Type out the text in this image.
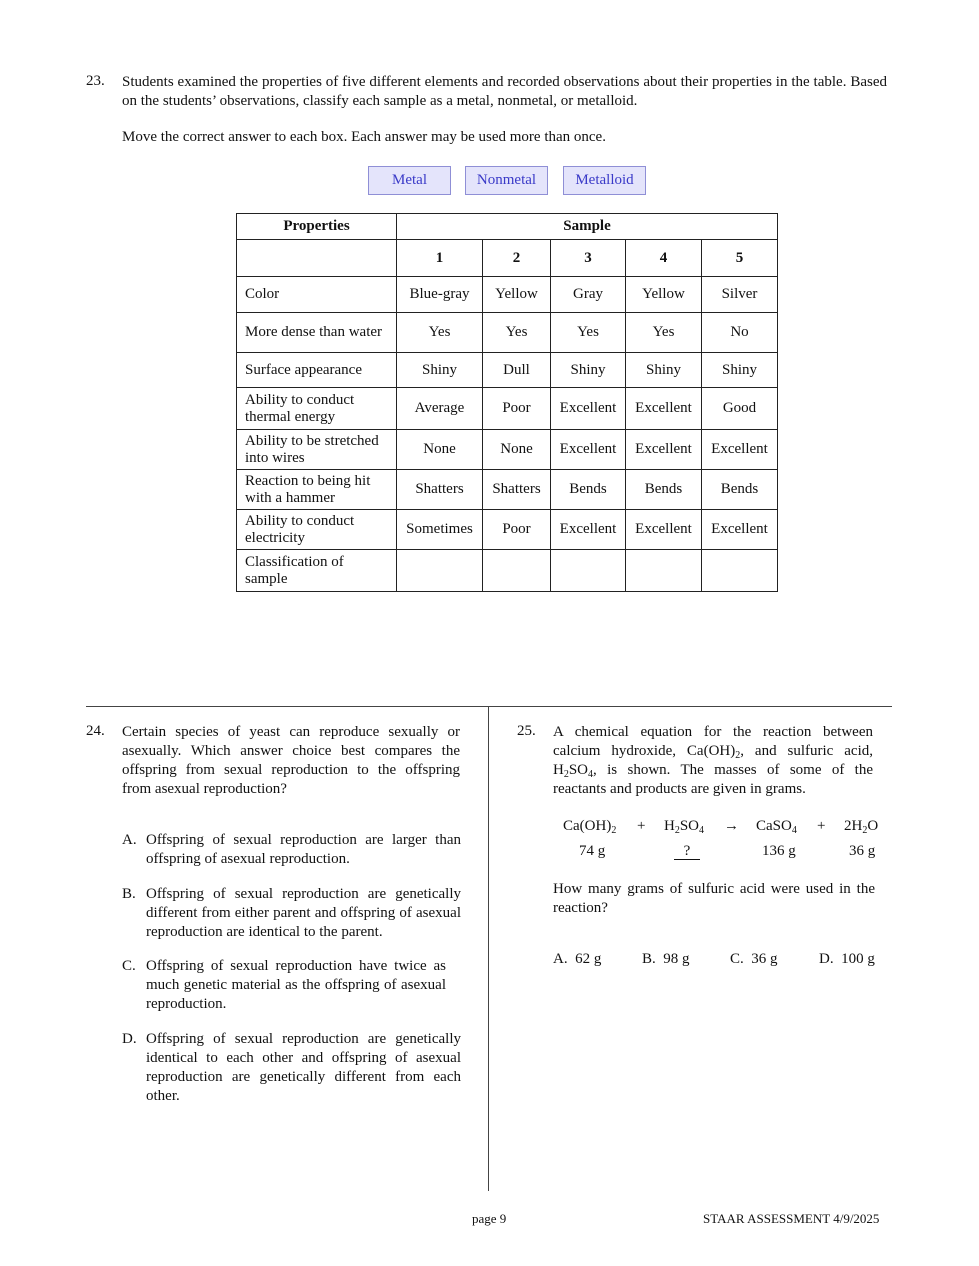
23. Students examined the properties of five different elements and recorded observations about their properties in the table. Based on the students’ observations, classify each sample as a metal, nonmetal, or metalloid.
Move the correct answer to each box. Each answer may be used more than once.
Metal	Nonmetal	Metalloid
Properties	Sample				
	1	2	3	4	5
Color	Blue-gray	Yellow	Gray	Yellow	Silver
More dense than water	Yes	Yes	Yes	Yes	No
Surface appearance	Shiny	Dull	Shiny	Shiny	Shiny
Ability to conduct thermal energy	Average	Poor	Excellent	Excellent	Good
Ability to be stretched into wires	None	None	Excellent	Excellent	Excellent
Reaction to being hit with a hammer	Shatters	Shatters	Bends	Bends	Bends
Ability to conduct electricity	Sometimes	Poor	Excellent	Excellent	Excellent
Classification of sample					
24. Certain species of yeast can reproduce sexually or asexually. Which answer choice best compares the offspring from sexual reproduction to the offspring from asexual reproduction?
A. Offspring of sexual reproduction are larger than offspring of asexual reproduction.
B. Offspring of sexual reproduction are genetically different from either parent and offspring of asexual reproduction are identical to the parent.
C. Offspring of sexual reproduction have twice as much genetic material as the offspring of asexual reproduction.
D. Offspring of sexual reproduction are genetically identical to each other and offspring of asexual reproduction are genetically different from each other.
25. A chemical equation for the reaction between calcium hydroxide, $Ca(OH)_2$, and sulfuric acid, $H_2SO_4$, is shown. The masses of some of the reactants and products are given in grams.
$Ca(OH)_2 + H_2SO_4$ → CaSO$_4$ + $2H_2O$
74 g	?	136 g	36 g
How many grams of sulfuric acid were used in the reaction?
A. 62 g	B. 98 g	C. 36 g	D. 100 g
page 9	STAAR ASSESSMENT 4/9/2025
